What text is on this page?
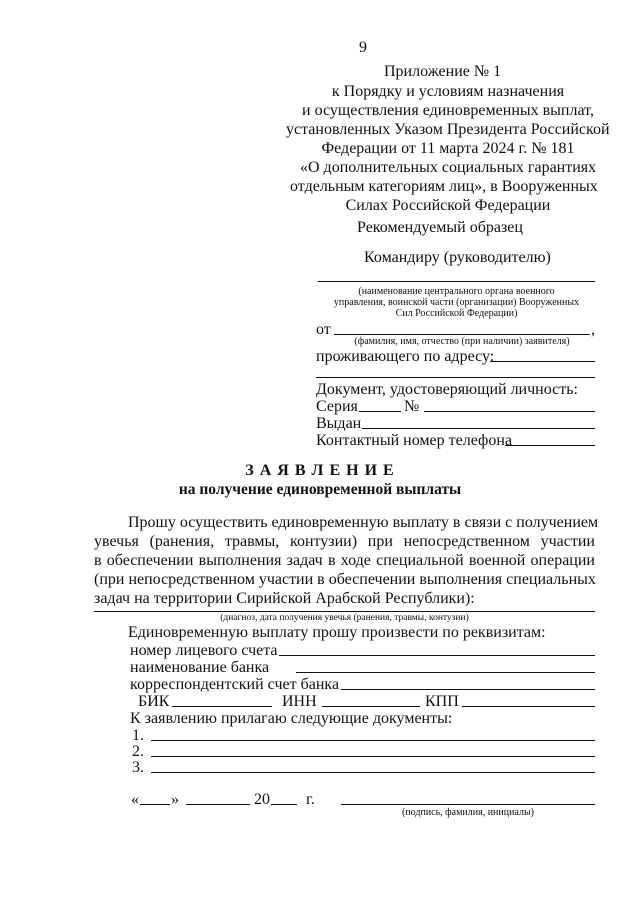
9
Приложение № 1
к Порядку и условиям назначения
и осуществления единовременных выплат,
установленных Указом Президента Российской
Федерации от 11 марта 2024 г. № 181
«О дополнительных социальных гарантиях
отдельным категориям лиц», в Вооруженных
Силах Российской Федерации
Рекомендуемый образец
Командиру (руководителю)
(наименование центрального органа военного
управления, воинской части (организации) Вооруженных
Сил Российской Федерации)
от	,
(фамилия, имя, отчество (при наличии) заявителя)
проживающего по адресу:
Документ, удостоверяющий личность:
Серия	№
Выдан
Контактный номер телефона
З А Я В Л Е Н И Е
на получение единовременной выплаты
Прошу осуществить единовременную выплату в связи с получением
увечья (ранения, травмы, контузии) при непосредственном участии
в обеспечении выполнения задач в ходе специальной военной операции
(при непосредственном участии в обеспечении выполнения специальных
задач на территории Сирийской Арабской Республики):
(диагноз, дата получения увечья (ранения, травмы, контузии)
Единовременную выплату прошу произвести по реквизитам:
номер лицевого счета
наименование банка
корреспондентский счет банка
БИК	ИНН	КПП
К заявлению прилагаю следующие документы:
1.
2.
3.
« »	20 г.
(подпись, фамилия, инициалы)
